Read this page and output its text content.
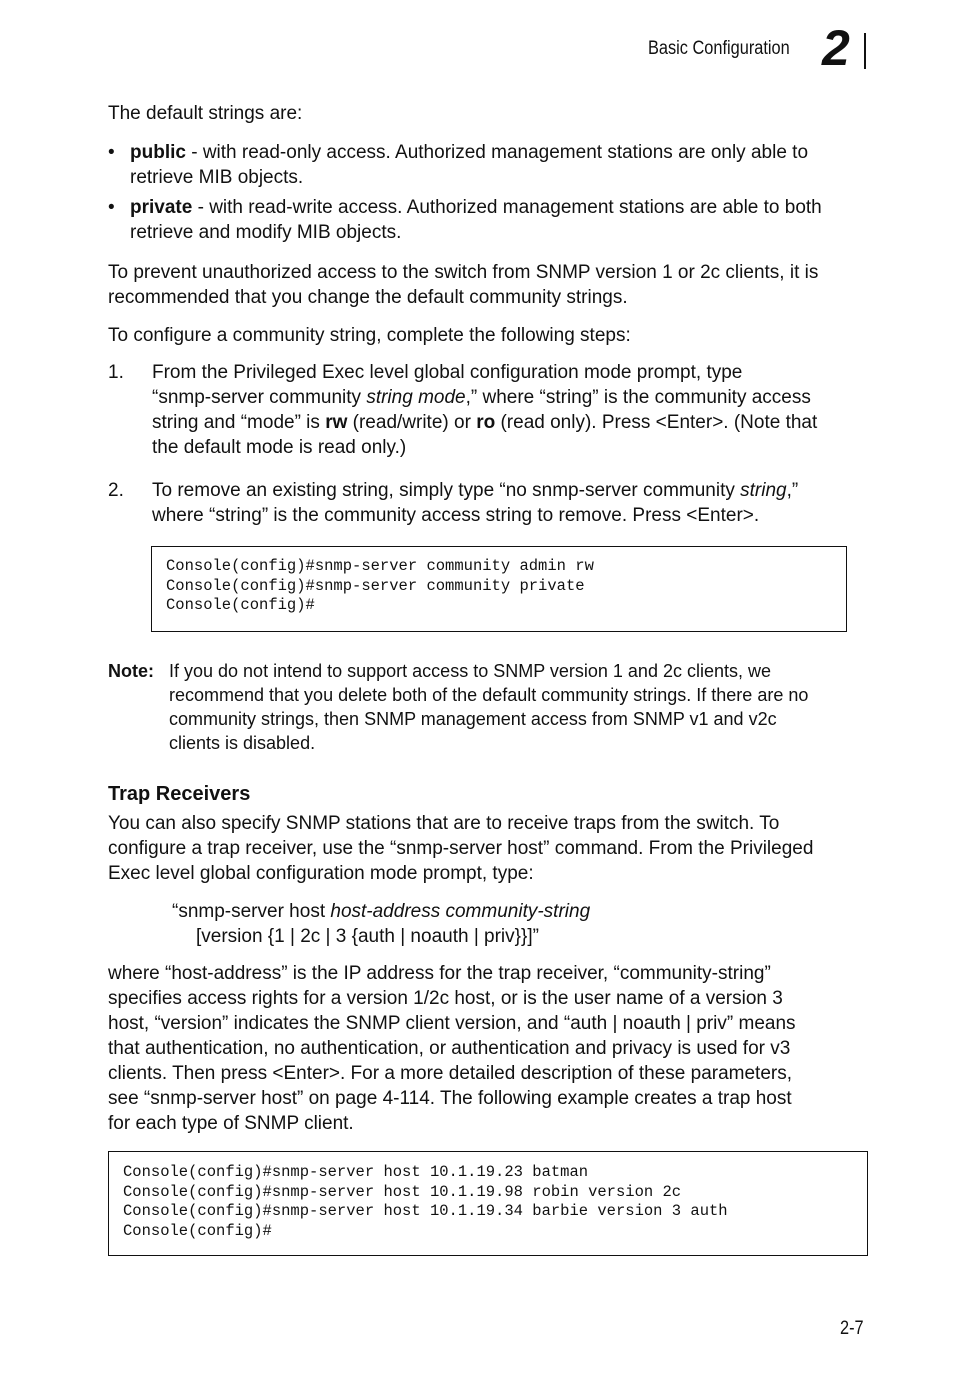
Basic Configuration 2

The default strings are:

• public - with read-only access. Authorized management stations are only able to

retrieve MIB objects.

• private - with read-write access. Authorized management stations are able to both

retrieve and modify MIB objects.

To prevent unauthorized access to the switch from SNMP version 1 or 2c clients, it is

recommended that you change the default community strings.

To configure a community string, complete the following steps:

1. From the Privileged Exec level global configuration mode prompt, type

“snmp-server community string mode,” where “string” is the community access

string and “mode” is rw (read/write) or ro (read only). Press <Enter>. (Note that

the default mode is read only.)

2. To remove an existing string, simply type “no snmp-server community string,”

where “string” is the community access string to remove. Press <Enter>.

Console(config)#snmp-server community admin rw

Console(config)#snmp-server community private

Console(config)#

Note: If you do not intend to support access to SNMP version 1 and 2c clients, we

recommend that you delete both of the default community strings. If there are no

community strings, then SNMP management access from SNMP v1 and v2c

clients is disabled.

Trap Receivers

You can also specify SNMP stations that are to receive traps from the switch. To

configure a trap receiver, use the “snmp-server host” command. From the Privileged

Exec level global configuration mode prompt, type:

“snmp-server host host-address community-string

[version {1 | 2c | 3 {auth | noauth | priv}}]”

where “host-address” is the IP address for the trap receiver, “community-string”

specifies access rights for a version 1/2c host, or is the user name of a version 3

host, “version” indicates the SNMP client version, and “auth | noauth | priv” means

that authentication, no authentication, or authentication and privacy is used for v3

clients. Then press <Enter>. For a more detailed description of these parameters,

see “snmp-server host” on page 4-114. The following example creates a trap host

for each type of SNMP client.

Console(config)#snmp-server host 10.1.19.23 batman

Console(config)#snmp-server host 10.1.19.98 robin version 2c

Console(config)#snmp-server host 10.1.19.34 barbie version 3 auth

Console(config)#

2-7
